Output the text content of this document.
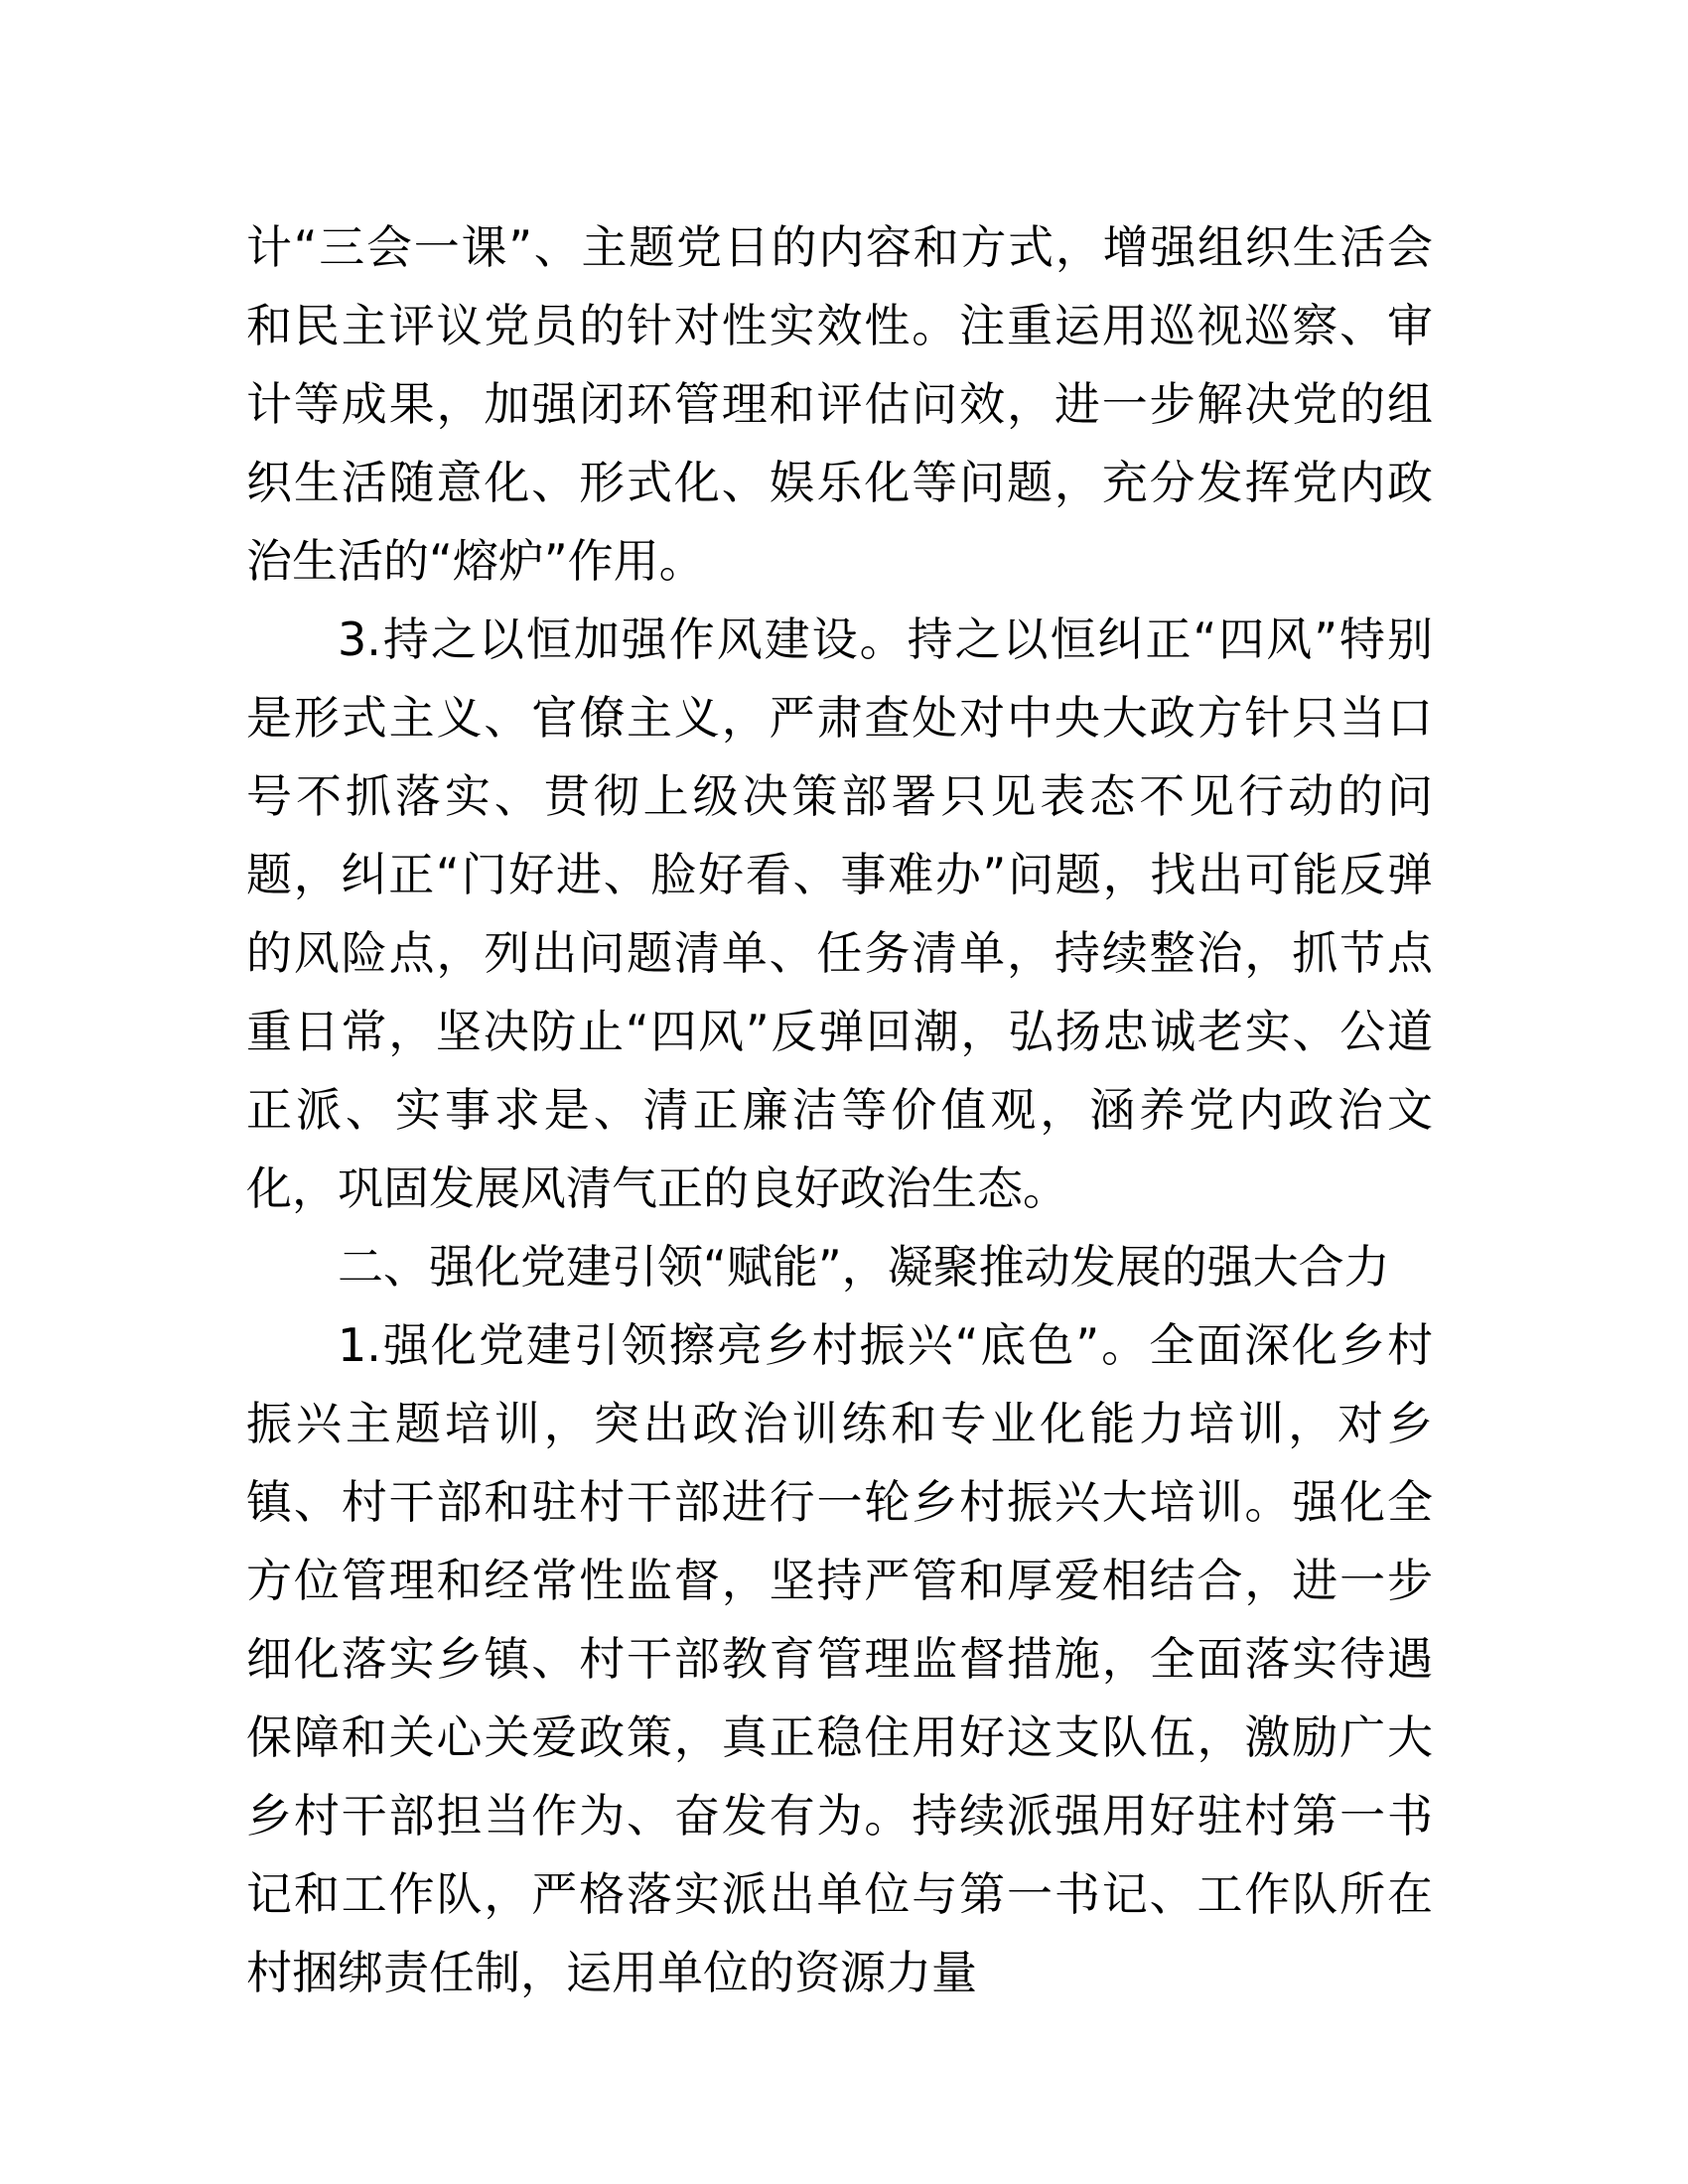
计“三会一课”、主题党日的内容和方式，增强组织生活会和民主评议党员的针对性实效性。注重运用巡视巡察、审计等成果，加强闭环管理和评估问效，进一步解决党的组织生活随意化、形式化、娱乐化等问题，充分发挥党内政治生活的“熔炉”作用。

3.持之以恒加强作风建设。持之以恒纠正“四风”特别是形式主义、官僚主义，严肃查处对中央大政方针只当口号不抓落实、贯彻上级决策部署只见表态不见行动的问题，纠正“门好进、脸好看、事难办”问题，找出可能反弹的风险点，列出问题清单、任务清单，持续整治，抓节点重日常，坚决防止“四风”反弹回潮，弘扬忠诚老实、公道正派、实事求是、清正廉洁等价值观，涵养党内政治文化，巩固发展风清气正的良好政治生态。

二、强化党建引领“赋能”，凝聚推动发展的强大合力

1.强化党建引领擦亮乡村振兴“底色”。全面深化乡村振兴主题培训，突出政治训练和专业化能力培训，对乡镇、村干部和驻村干部进行一轮乡村振兴大培训。强化全方位管理和经常性监督，坚持严管和厚爱相结合，进一步细化落实乡镇、村干部教育管理监督措施，全面落实待遇保障和关心关爱政策，真正稳住用好这支队伍，激励广大乡村干部担当作为、奋发有为。持续派强用好驻村第一书记和工作队，严格落实派出单位与第一书记、工作队所在村捆绑责任制，运用单位的资源力量
